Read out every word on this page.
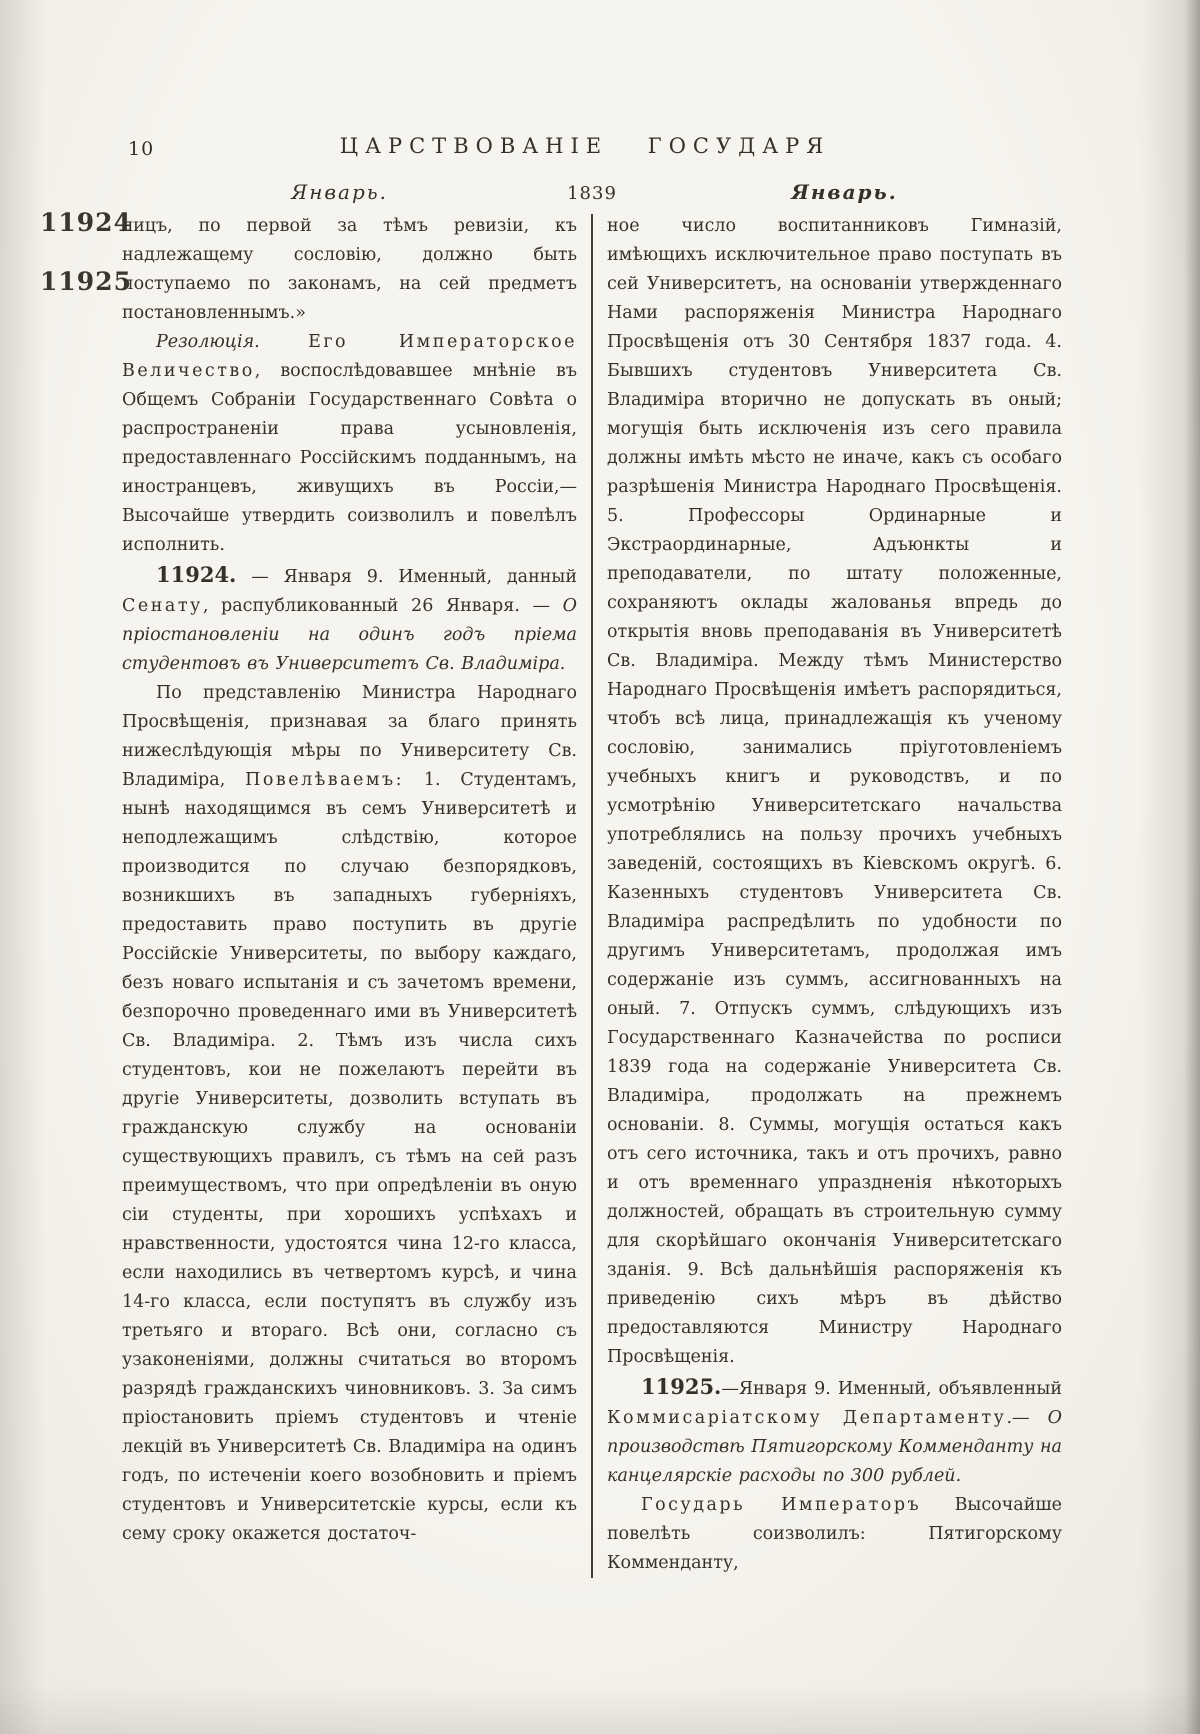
10	ЦАРСТВОВАНІЕ ГОСУДАРЯ
Январь.	1839	Январь.
11924
11925

лицъ, по первой за тѣмъ ревизіи, къ надлежащему сословію, должно быть поступаемо по законамъ, на сей предметъ постановленнымъ.»

Резолюція.	Его Императорское Величество, воспослѣдовавшее мнѣніе въ Общемъ Собраніи Государственнаго Совѣта о распространеніи права усыновленія, предоставленнаго Россійскимъ подданнымъ, на иностранцевъ, живущихъ въ Россіи,—Высочайше утвердить соизволилъ и повелѣлъ исполнить.

11924. — Января 9. Именный, данный Сенату, распубликованный 26 Января. — О пріостановленіи на одинъ годъ пріема студентовъ въ Университетъ Св. Владиміра.

По представленію Министра Народнаго Просвѣщенія, признавая за благо принять нижеслѣдующія мѣры по Университету Св. Владиміра, Повелѣваемъ: 1. Студентамъ, нынѣ находящимся въ семъ Университетѣ и неподлежащимъ слѣдствію, которое производится по случаю безпорядковъ, возникшихъ въ западныхъ губерніяхъ, предоставить право поступить въ другіе Россійскіе Университеты, по выбору каждаго, безъ новаго испытанія и съ зачетомъ времени, безпорочно проведеннаго ими въ Университетѣ Св. Владиміра. 2. Тѣмъ изъ числа сихъ студентовъ, кои не пожелаютъ перейти въ другіе Университеты, дозволить вступать въ гражданскую службу на основаніи существующихъ правилъ, съ тѣмъ на сей разъ преимуществомъ, что при опредѣленіи въ оную сіи студенты, при хорошихъ успѣхахъ и нравственности, удостоятся чина 12-го класса, если находились въ четвертомъ курсѣ, и чина 14-го класса, если поступятъ въ службу изъ третьяго и втораго. Всѣ они, согласно съ узаконеніями, должны считаться во второмъ разрядѣ гражданскихъ чиновниковъ. 3. За симъ пріостановить пріемъ студентовъ и чтеніе лекцій въ Университетѣ Св. Владиміра на одинъ годъ, по истеченіи коего возобновить и пріемъ студентовъ и Университетскіе курсы, если къ сему сроку окажется достаточ-

ное число воспитанниковъ Гимназій, имѣющихъ исключительное право поступать въ сей Университетъ, на основаніи утвержденнаго Нами распоряженія Министра Народнаго Просвѣщенія отъ 30 Сентября 1837 года. 4. Бывшихъ студентовъ Университета Св. Владиміра вторично не допускать въ оный; могущія быть исключенія изъ сего правила должны имѣть мѣсто не иначе, какъ съ особаго разрѣшенія Министра Народнаго Просвѣщенія. 5. Профессоры Ординарные и Экстраординарные, Адъюнкты и преподаватели, по штату положенные, сохраняютъ оклады жалованья впредь до открытія вновь преподаванія въ Университетѣ Св. Владиміра. Между тѣмъ Министерство Народнаго Просвѣщенія имѣетъ распорядиться, чтобъ всѣ лица, принадлежащія къ ученому сословію, занимались пріуготовленіемъ учебныхъ книгъ и руководствъ, и по усмотрѣнію Университетскаго начальства употреблялись на пользу прочихъ учебныхъ заведеній, состоящихъ въ Кіевскомъ округѣ. 6. Казенныхъ студентовъ Университета Св. Владиміра распредѣлить по удобности по другимъ Университетамъ, продолжая имъ содержаніе изъ суммъ, ассигнованныхъ на оный. 7. Отпускъ суммъ, слѣдующихъ изъ Государственнаго Казначейства по росписи 1839 года на содержаніе Университета Св. Владиміра, продолжать на прежнемъ основаніи. 8. Суммы, могущія остаться какъ отъ сего источника, такъ и отъ прочихъ, равно и отъ временнаго упраздненія нѣкоторыхъ должностей, обращать въ строительную сумму для скорѣйшаго окончанія Университетскаго зданія. 9. Всѣ дальнѣйшія распоряженія къ приведенію сихъ мѣръ въ дѣйство предоставляются Министру Народнаго Просвѣщенія.

11925.—Января 9. Именный, объявленный Коммисаріатскому Департаменту.— О производствѣ Пятигорскому Комменданту на канцелярскіе расходы по 300 рублей.

Государь Императоръ Высочайше повелѣть соизволилъ: Пятигорскому Комменданту,
